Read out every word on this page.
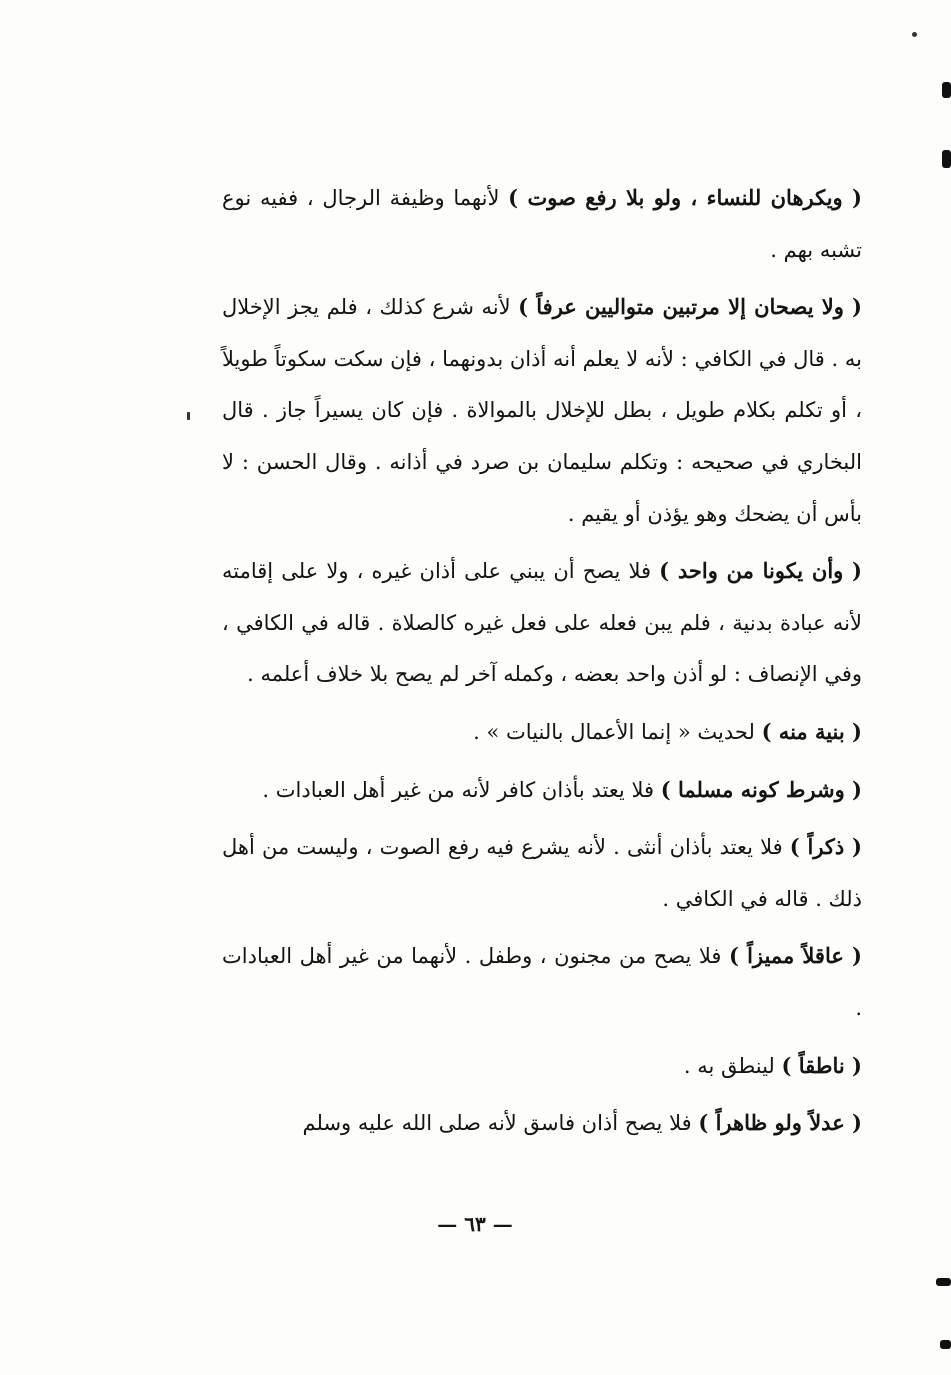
( ويكرهان للنساء ، ولو بلا رفع صوت ) لأنهما وظيفة الرجال ، ففيه نوع تشبه بهم .

( ولا يصحان إلا مرتبين متواليين عرفاً ) لأنه شرع كذلك ، فلم يجز الإخلال به . قال في الكافي : لأنه لا يعلم أنه أذان بدونهما ، فإن سكت سكوتاً طويلاً ، أو تكلم بكلام طويل ، بطل للإخلال بالموالاة . فإن كان يسيراً جاز . قال البخاري في صحيحه : وتكلم سليمان بن صرد في أذانه . وقال الحسن : لا بأس أن يضحك وهو يؤذن أو يقيم .

( وأن يكونا من واحد ) فلا يصح أن يبني على أذان غيره ، ولا على إقامته لأنه عبادة بدنية ، فلم يبن فعله على فعل غيره كالصلاة . قاله في الكافي ، وفي الإنصاف : لو أذن واحد بعضه ، وكمله آخر لم يصح بلا خلاف أعلمه .

( بنية منه ) لحديث « إنما الأعمال بالنيات » .

( وشرط كونه مسلما ) فلا يعتد بأذان كافر لأنه من غير أهل العبادات .

( ذكراً ) فلا يعتد بأذان أنثى . لأنه يشرع فيه رفع الصوت ، وليست من أهل ذلك . قاله في الكافي .

( عاقلاً مميزاً ) فلا يصح من مجنون ، وطفل . لأنهما من غير أهل العبادات .

( ناطقاً ) لينطق به .

( عدلاً ولو ظاهراً ) فلا يصح أذان فاسق لأنه صلى الله عليه وسلم

— ٦٣ —
